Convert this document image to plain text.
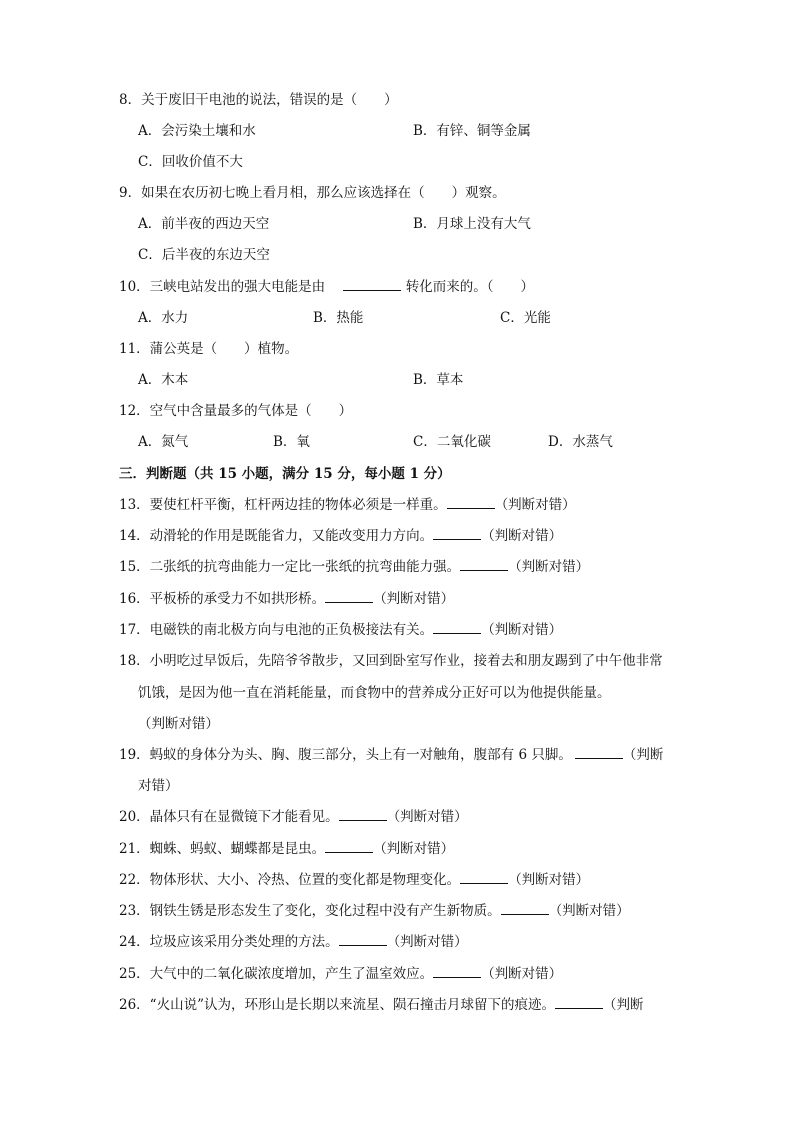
8．关于废旧干电池的说法，错误的是（　　）
A．会污染土壤和水	B．有锌、铜等金属
C．回收价值不大
9．如果在农历初七晚上看月相，那么应该选择在（　　）观察。
A．前半夜的西边天空	B．月球上没有大气
C．后半夜的东边天空
10．三峡电站发出的强大电能是由	转化而来的。（　　）
A．水力	B．热能	C．光能
11．蒲公英是（　　）植物。
A．木本	B．草本
12．空气中含量最多的气体是（　　）
A．氮气	B．氧	C．二氧化碳	D．水蒸气
三．判断题（共 15 小题，满分 15 分，每小题 1 分）
13．要使杠杆平衡，杠杆两边挂的物体必须是一样重。	（判断对错）
14．动滑轮的作用是既能省力，又能改变用力方向。	（判断对错）
15．二张纸的抗弯曲能力一定比一张纸的抗弯曲能力强。	（判断对错）
16．平板桥的承受力不如拱形桥。	（判断对错）
17．电磁铁的南北极方向与电池的正负极接法有关。	（判断对错）
18．小明吃过早饭后，先陪爷爷散步，又回到卧室写作业，接着去和朋友踢到了中午他非常
饥饿，是因为他一直在消耗能量，而食物中的营养成分正好可以为他提供能量。
（判断对错）
19．蚂蚁的身体分为头、胸、腹三部分，头上有一对触角，腹部有 6 只脚。	（判断
对错）
20．晶体只有在显微镜下才能看见。	（判断对错）
21．蜘蛛、蚂蚁、蝴蝶都是昆虫。	（判断对错）
22．物体形状、大小、冷热、位置的变化都是物理变化。	（判断对错）
23．钢铁生锈是形态发生了变化，变化过程中没有产生新物质。	（判断对错）
24．垃圾应该采用分类处理的方法。	（判断对错）
25．大气中的二氧化碳浓度增加，产生了温室效应。	（判断对错）
26．“火山说”认为，环形山是长期以来流星、陨石撞击月球留下的痕迹。	（判断
